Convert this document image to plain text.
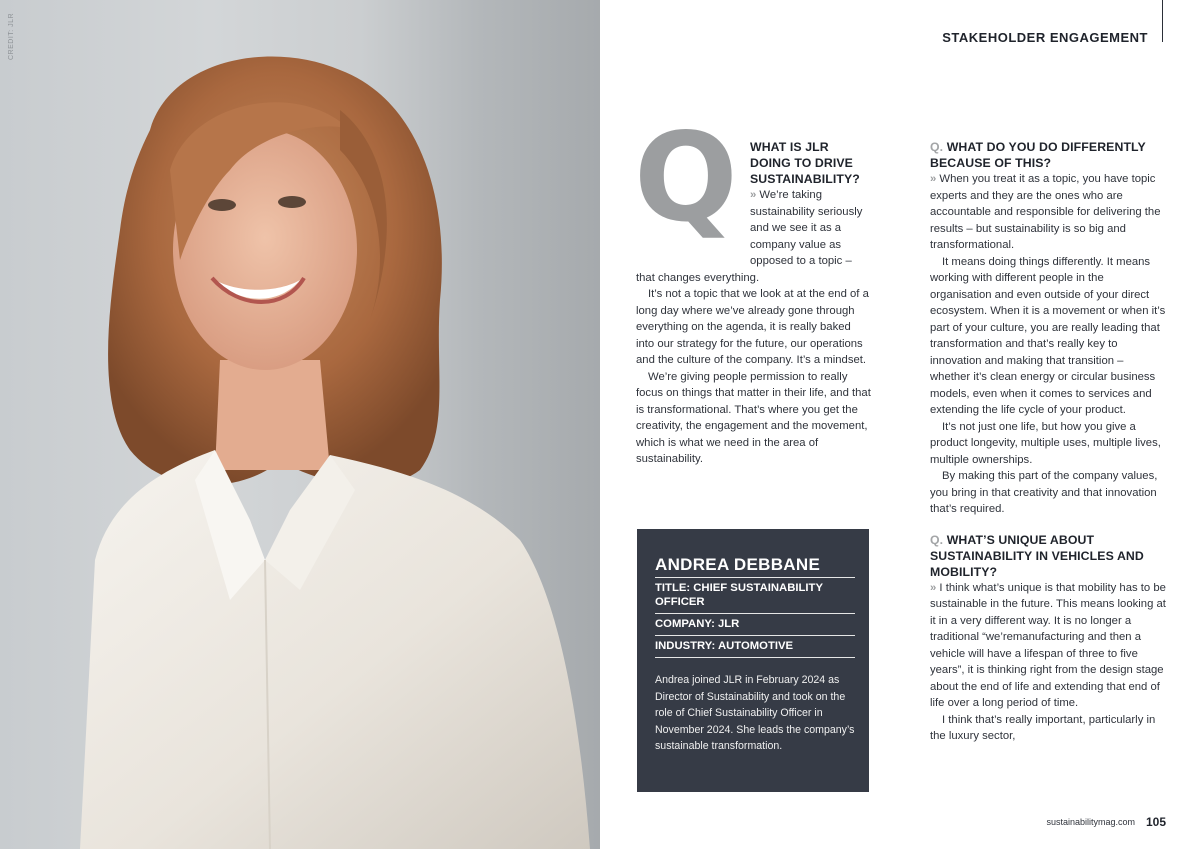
CREDIT: JLR	STAKEHOLDER ENGAGEMENT
Q WHAT IS JLR DOING TO DRIVE SUSTAINABILITY?

» We’re taking sustainability seriously and we see it as a company value as opposed to a topic – that changes everything.

It’s not a topic that we look at at the end of a long day where we’ve already gone through everything on the agenda, it is really baked into our strategy for the future, our operations and the culture of the company. It’s a mindset.

We’re giving people permission to really focus on things that matter in their life, and that is transformational. That’s where you get the creativity, the engagement and the movement, which is what we need in the area of sustainability.

ANDREA DEBBANE
TITLE: CHIEF SUSTAINABILITY OFFICER
COMPANY: JLR
INDUSTRY: AUTOMOTIVE
Andrea joined JLR in February 2024 as Director of Sustainability and took on the role of Chief Sustainability Officer in November 2024. She leads the company’s sustainable transformation.
Q. WHAT DO YOU DO DIFFERENTLY BECAUSE OF THIS?

» When you treat it as a topic, you have topic experts and they are the ones who are accountable and responsible for delivering the results – but sustainability is so big and transformational.

It means doing things differently. It means working with different people in the organisation and even outside of your direct ecosystem. When it is a movement or when it’s part of your culture, you are really leading that transformation and that’s really key to innovation and making that transition – whether it’s clean energy or circular business models, even when it comes to services and extending the life cycle of your product.

It’s not just one life, but how you give a product longevity, multiple uses, multiple lives, multiple ownerships.

By making this part of the company values, you bring in that creativity and that innovation that’s required.

Q. WHAT’S UNIQUE ABOUT SUSTAINABILITY IN VEHICLES AND MOBILITY?

» I think what’s unique is that mobility has to be sustainable in the future. This means looking at it in a very different way. It is no longer a traditional “we’remanufacturing and then a vehicle will have a lifespan of three to five years”, it is thinking right from the design stage about the end of life and extending that end of life over a long period of time.

I think that’s really important, particularly in the luxury sector,

sustainabilitymag.com 105
